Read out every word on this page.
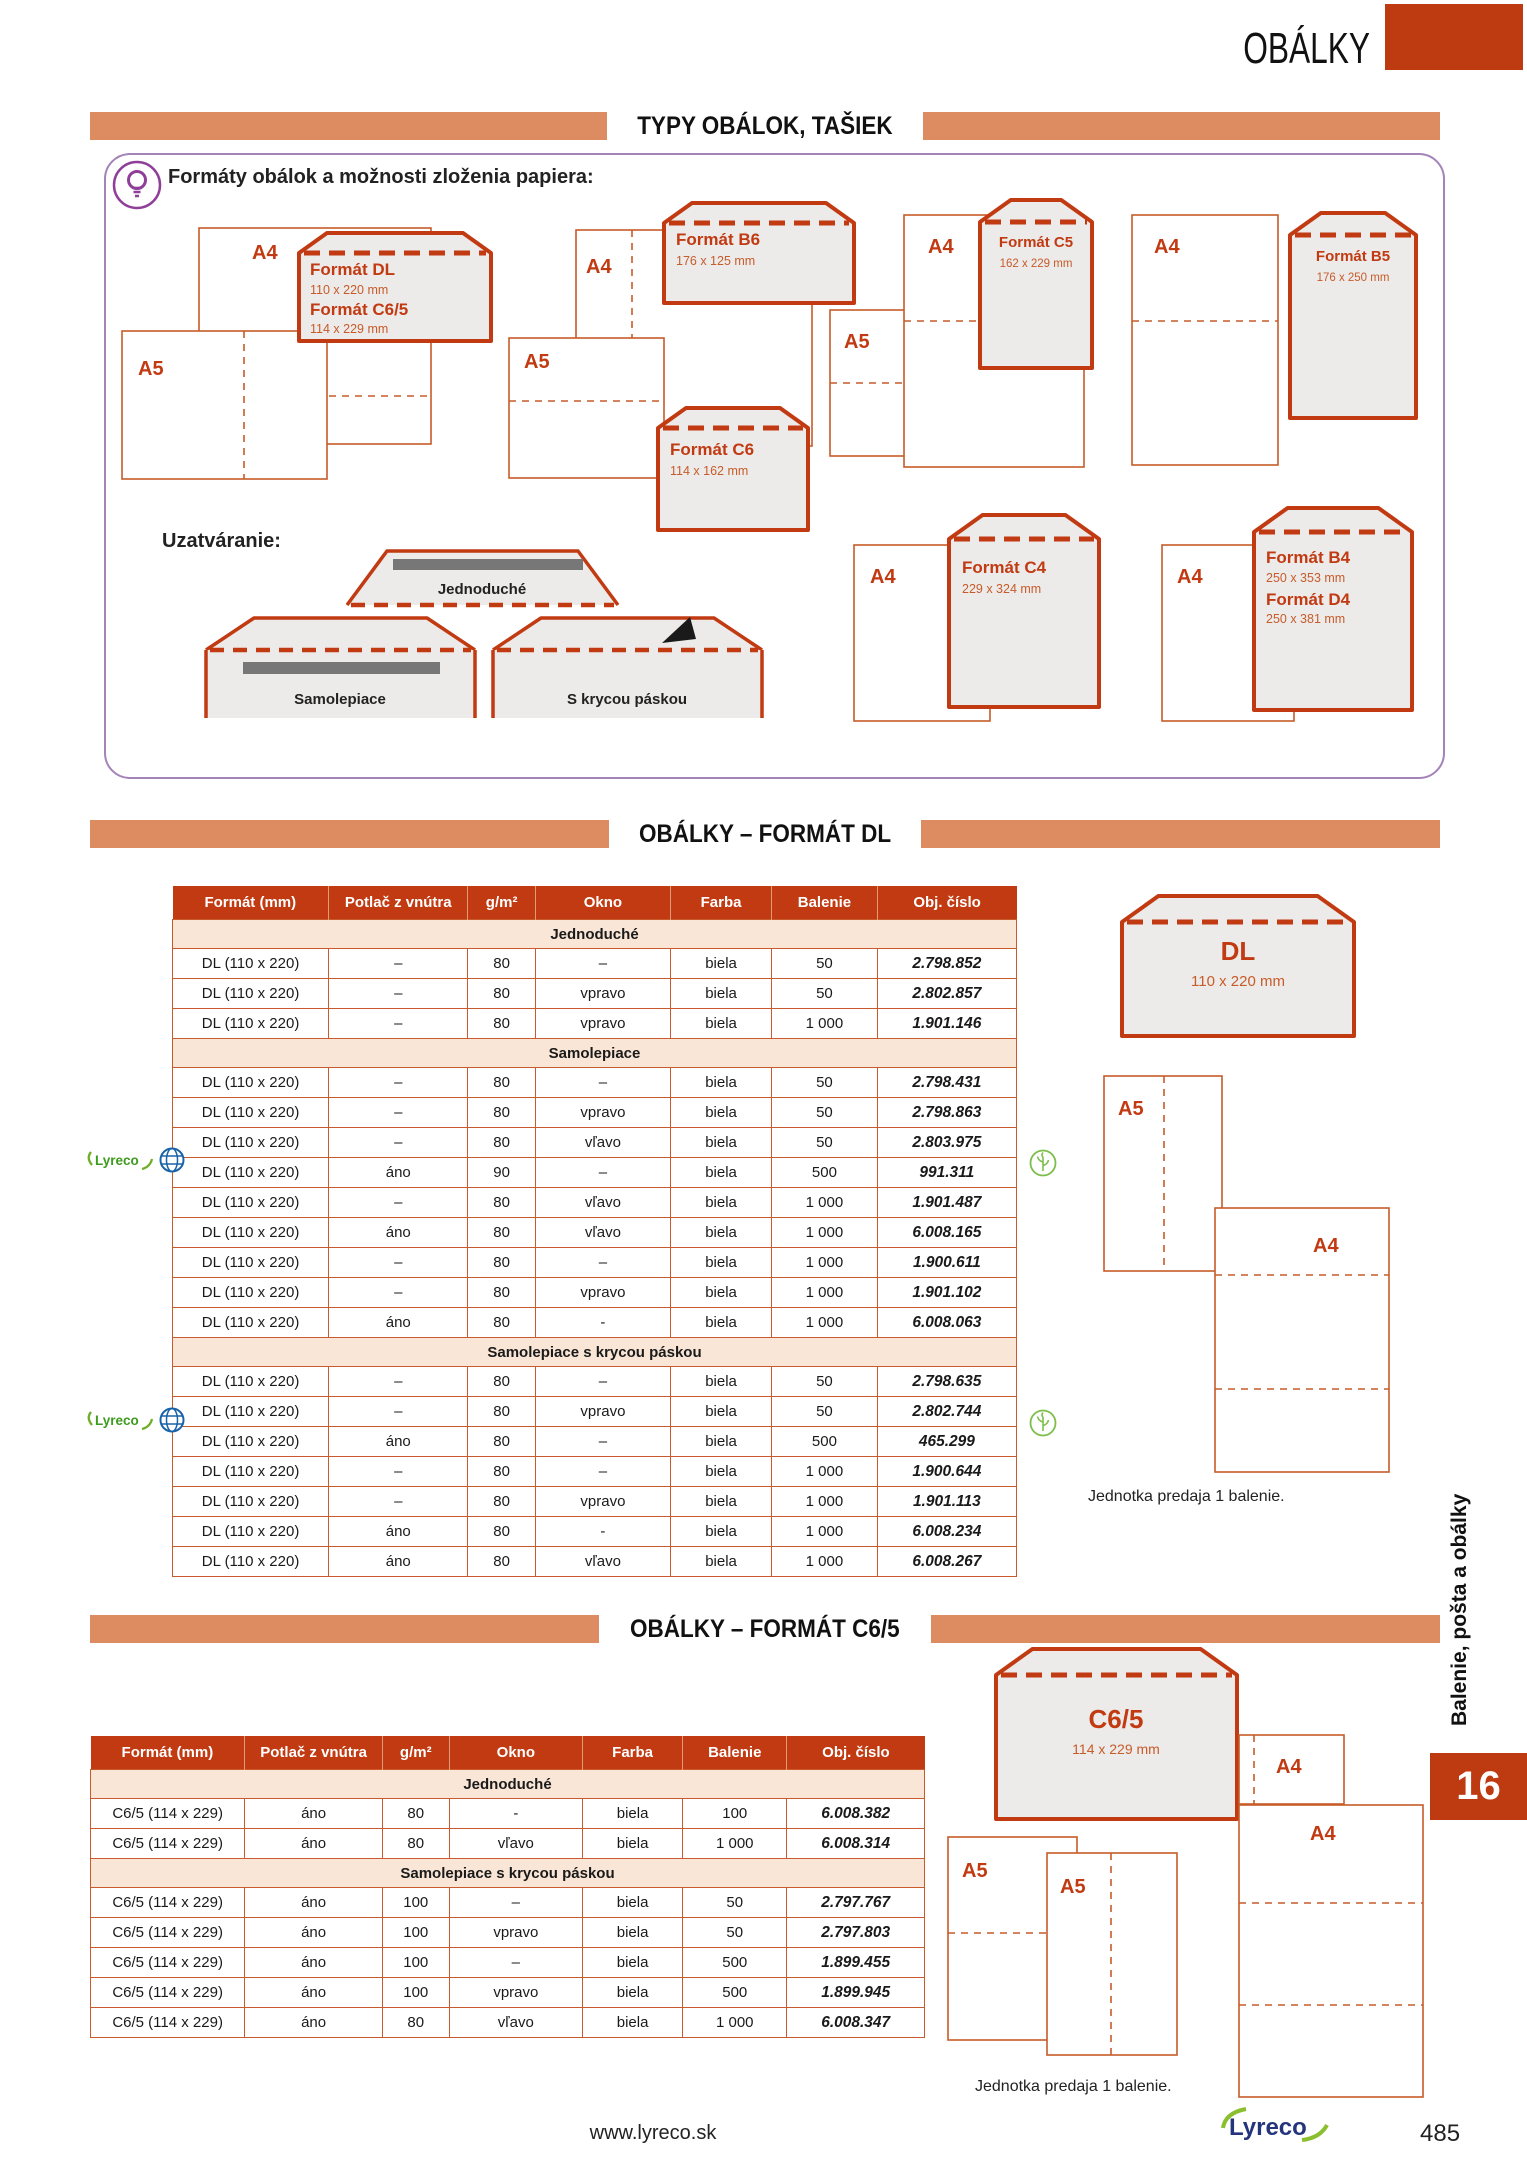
OBÁLKY
TYPY OBÁLOK, TAŠIEK
A4
A5
Formát DL
110 x 220 mm
Formát C6/5
114 x 229 mm
A4
Formát B6
176 x 125 mm
A5
Formát C6
114 x 162 mm
A5
A4	Formát C5
162 x 229 mm
A4	Formát B5
176 x 250 mm
A4	Formát C4
229 x 324 mm
A4
Formát B4
250 x 353 mm
Formát D4
250 x 381 mm
Uzatváranie:
Jednoduché
Samolepiace	S krycou páskou
Formáty obálok a možnosti zloženia papiera:
OBÁLKY – FORMÁT DL
Formát (mm)	Potlač z vnútra	g/m²	Okno	Farba	Balenie	Obj. číslo
Jednoduché						
DL (110 x 220)	–	80	–	biela	50	2.798.852
DL (110 x 220)	–	80	vpravo	biela	50	2.802.857
DL (110 x 220)	–	80	vpravo	biela	1 000	1.901.146
Samolepiace						
DL (110 x 220)	–	80	–	biela	50	2.798.431
DL (110 x 220)	–	80	vpravo	biela	50	2.798.863
DL (110 x 220)	–	80	vľavo	biela	50	2.803.975
DL (110 x 220)	áno	90	–	biela	500	991.311
DL (110 x 220)	–	80	vľavo	biela	1 000	1.901.487
DL (110 x 220)	áno	80	vľavo	biela	1 000	6.008.165
DL (110 x 220)	–	80	–	biela	1 000	1.900.611
DL (110 x 220)	–	80	vpravo	biela	1 000	1.901.102
DL (110 x 220)	áno	80	-	biela	1 000	6.008.063
Samolepiace s krycou páskou						
DL (110 x 220)	–	80	–	biela	50	2.798.635
DL (110 x 220)	–	80	vpravo	biela	50	2.802.744
DL (110 x 220)	áno	80	–	biela	500	465.299
DL (110 x 220)	–	80	–	biela	1 000	1.900.644
DL (110 x 220)	–	80	vpravo	biela	1 000	1.901.113
DL (110 x 220)	áno	80	-	biela	1 000	6.008.234
DL (110 x 220)	áno	80	vľavo	biela	1 000	6.008.267
Lyreco
Lyreco
DL
110 x 220 mm
A5
A4
Jednotka predaja 1 balenie.
OBÁLKY – FORMÁT C6/5
Formát (mm)	Potlač z vnútra	g/m²	Okno	Farba	Balenie	Obj. číslo
Jednoduché						
C6/5 (114 x 229)	áno	80	-	biela	100	6.008.382
C6/5 (114 x 229)	áno	80	vľavo	biela	1 000	6.008.314
Samolepiace s krycou páskou						
C6/5 (114 x 229)	áno	100	–	biela	50	2.797.767
C6/5 (114 x 229)	áno	100	vpravo	biela	50	2.797.803
C6/5 (114 x 229)	áno	100	–	biela	500	1.899.455
C6/5 (114 x 229)	áno	100	vpravo	biela	500	1.899.945
C6/5 (114 x 229)	áno	80	vľavo	biela	1 000	6.008.347
C6/5
114 x 229 mm
A5
A5
A4
A4
Jednotka predaja 1 balenie.
Balenie, pošta a obálky
16
www.lyreco.sk	Lyreco	485
